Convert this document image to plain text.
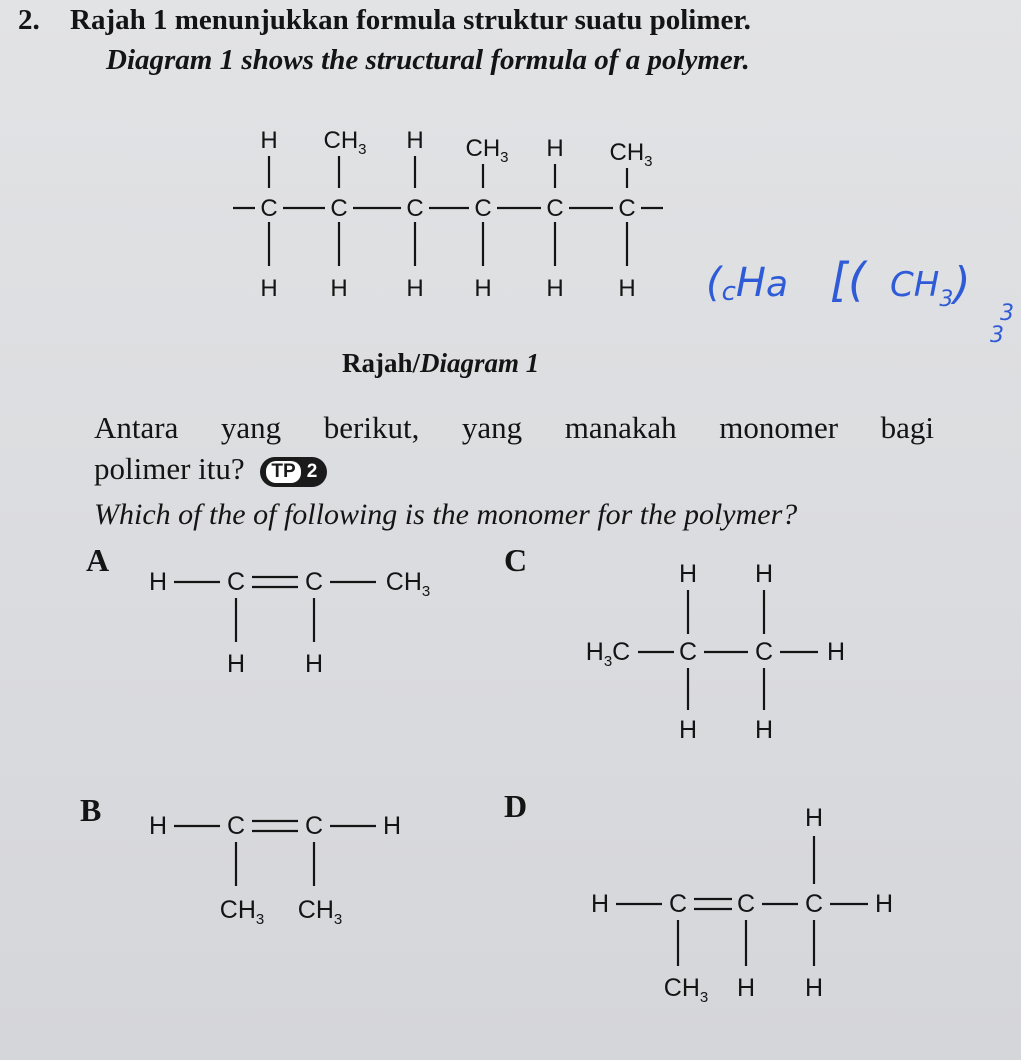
2. Rajah 1 menunjukkan formula struktur suatu polimer.
Diagram 1 shows the structural formula of a polymer.
H $CH_3$ H $CH_3$ H $CH_3$
C C C C C C
H H H H H H (cHa [( $CH_3$)
3
3
Rajah/Diagram 1
Antara yang berikut, yang manakah monomer bagi
polimer itu? TP 2
Which of the of following is the monomer for the polymer?
A
B
C
D
H C C	$CH_3$
H H
H C C H
$CH_3$ $CH_3$
H H
$H_3C$ C C H
H H
H
H C C C H
$CH_3$ H H
